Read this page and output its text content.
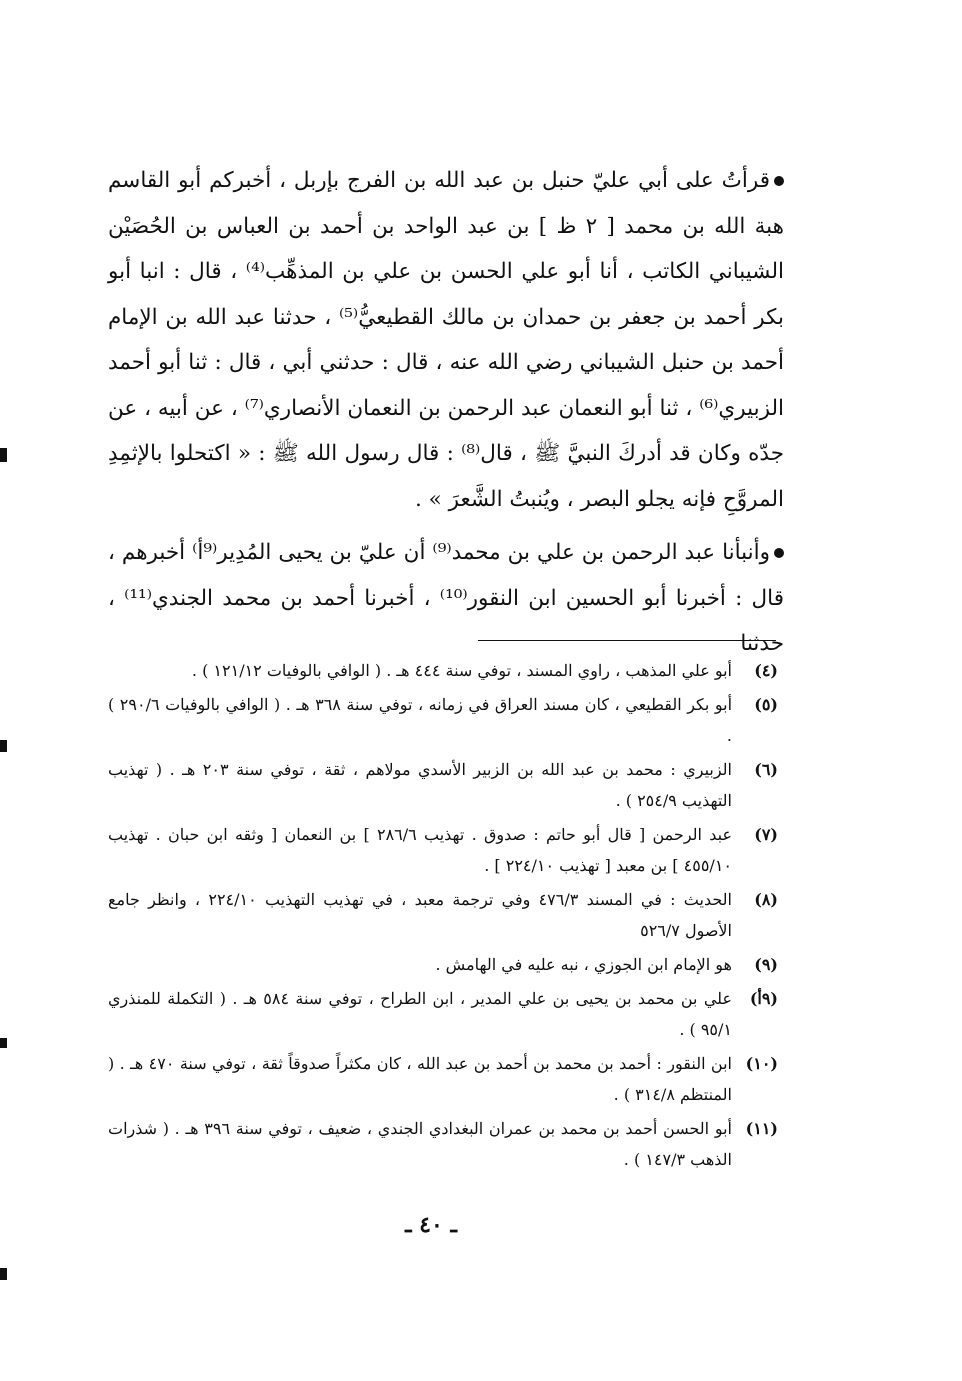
قرأتُ على أبي عليّ حنبل بن عبد الله بن الفرج بإربل ، أخبركم أبو القاسم هبة الله بن محمد [ ٢ ظ ] بن عبد الواحد بن أحمد بن العباس بن الحُصَيْن الشيباني الكاتب ، أنا أبو علي الحسن بن علي بن المذهِّب⁽⁴⁾ ، قال : انبا أبو بكر أحمد بن جعفر بن حمدان بن مالك القطيعيُّ⁽⁵⁾ ، حدثنا عبد الله بن الإمام أحمد بن حنبل الشيباني رضي الله عنه ، قال : حدثني أبي ، قال : ثنا أبو أحمد الزبيري⁽⁶⁾ ، ثنا أبو النعمان عبد الرحمن بن النعمان الأنصاري⁽⁷⁾ ، عن أبيه ، عن جدّه وكان قد أدركَ النبيَّ ﷺ ، قال⁽⁸⁾ : قال رسول الله ﷺ : « اكتحلوا بالإثمِدِ المروَّحِ فإنه يجلو البصر ، ويُنبتُ الشَّعرَ » .

وأنبأنا عبد الرحمن بن علي بن محمد⁽⁹⁾ أن عليّ بن يحيى المُدِير⁽⁹أ⁾ أخبرهم ، قال : أخبرنا أبو الحسين ابن النقور⁽¹⁰⁾ ، أخبرنا أحمد بن محمد الجندي⁽¹¹⁾ ، حدثنا

(٤)
أبو علي المذهب ، راوي المسند ، توفي سنة ٤٤٤ هـ . ( الوافي بالوفيات ١٢١/١٢ ) .
(٥)
أبو بكر القطيعي ، كان مسند العراق في زمانه ، توفي سنة ٣٦٨ هـ . ( الوافي بالوفيات ٢٩٠/٦ ) .
(٦)
الزبيري : محمد بن عبد الله بن الزبير الأسدي مولاهم ، ثقة ، توفي سنة ٢٠٣ هـ . ( تهذيب التهذيب ٢٥٤/٩ ) .
(٧)
عبد الرحمن [ قال أبو حاتم : صدوق . تهذيب ٢٨٦/٦ ] بن النعمان [ وثقه ابن حبان . تهذيب ٤٥٥/١٠ ] بن معبد [ تهذيب ٢٢٤/١٠ ] .
(٨)
الحديث : في المسند ٤٧٦/٣ وفي ترجمة معبد ، في تهذيب التهذيب ٢٢٤/١٠ ، وانظر جامع الأصول ٥٢٦/٧
(٩)
هو الإمام ابن الجوزي ، نبه عليه في الهامش .
(٩أ)
علي بن محمد بن يحيى بن علي المدير ، ابن الطراح ، توفي سنة ٥٨٤ هـ . ( التكملة للمنذري ٩٥/١ ) .
(١٠)
ابن النقور : أحمد بن محمد بن أحمد بن عبد الله ، كان مكثراً صدوقاً ثقة ، توفي سنة ٤٧٠ هـ . ( المنتظم ٣١٤/٨ ) .
(١١)
أبو الحسن أحمد بن محمد بن عمران البغدادي الجندي ، ضعيف ، توفي سنة ٣٩٦ هـ . ( شذرات الذهب ١٤٧/٣ ) .
ـ ٤٠ ـ
